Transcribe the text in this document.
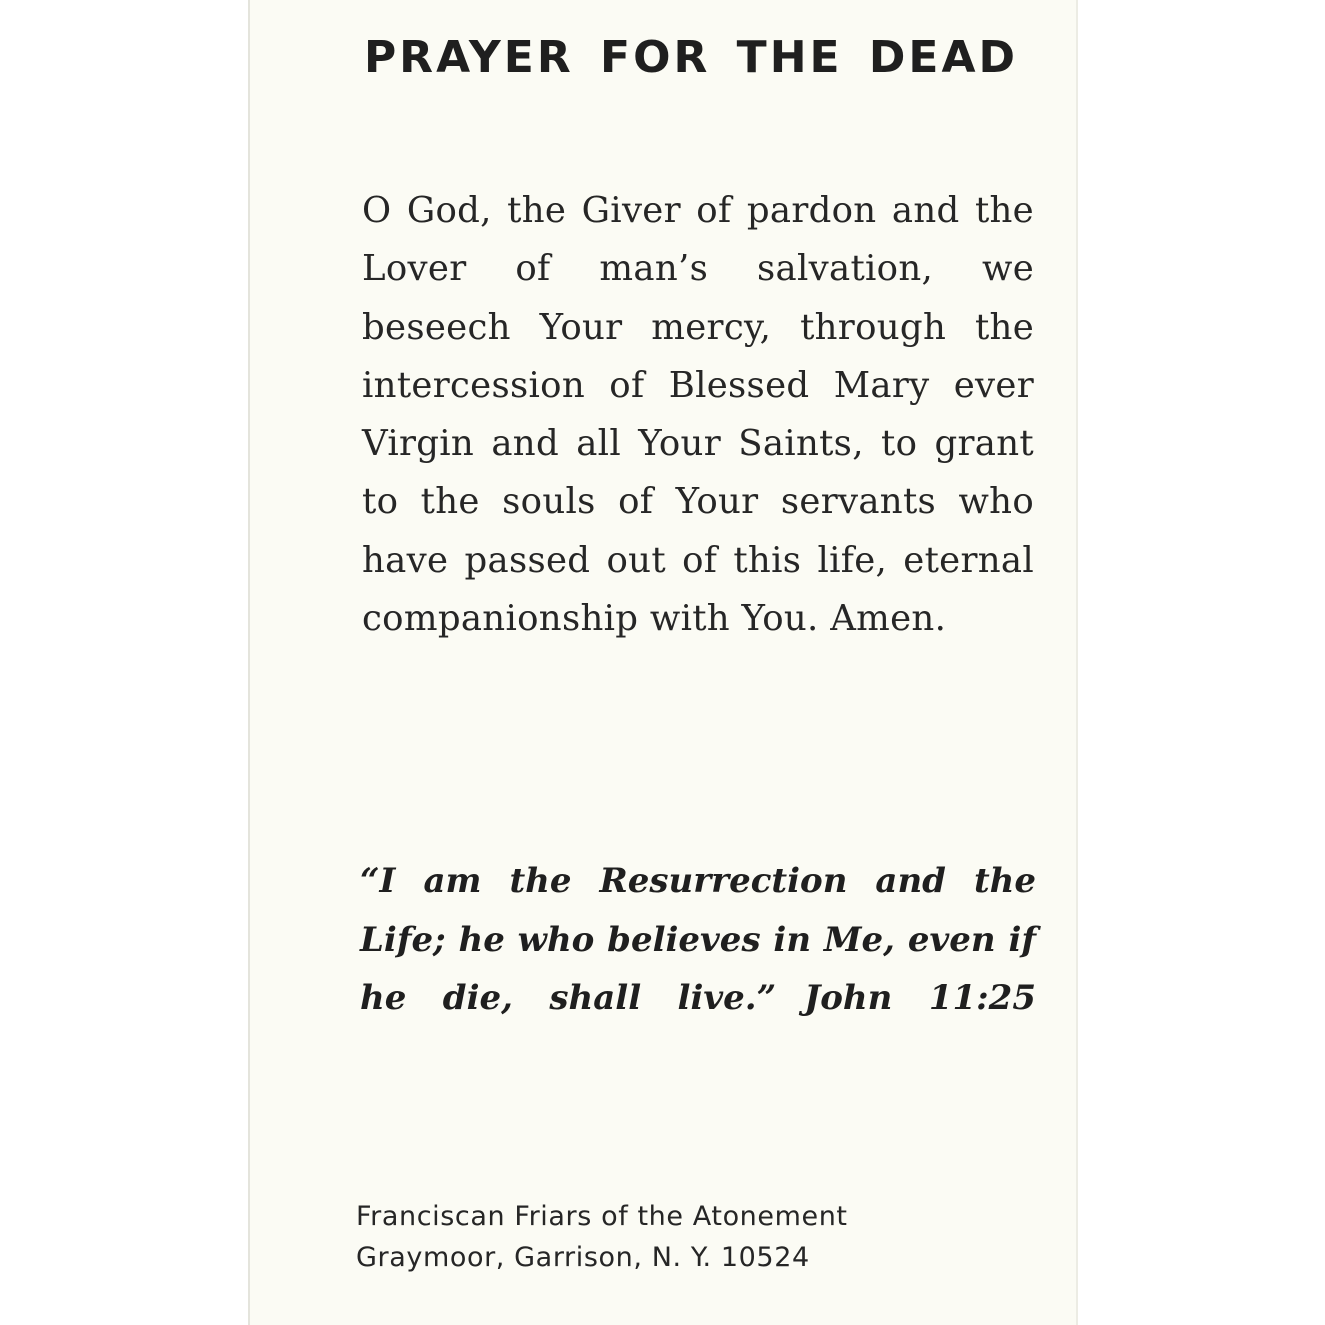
PRAYER FOR THE DEAD

O God, the Giver of pardon and the Lover of man’s salvation, we beseech Your mercy, through the intercession of Blessed Mary ever Virgin and all Your Saints, to grant to the souls of Your servants who have passed out of this life, eternal companionship with You. Amen.

“I am the Resurrection and the Life; he who believes in Me, even if he die, shall live.” John 11:25

Franciscan Friars of the Atonement
Graymoor, Garrison, N. Y. 10524
